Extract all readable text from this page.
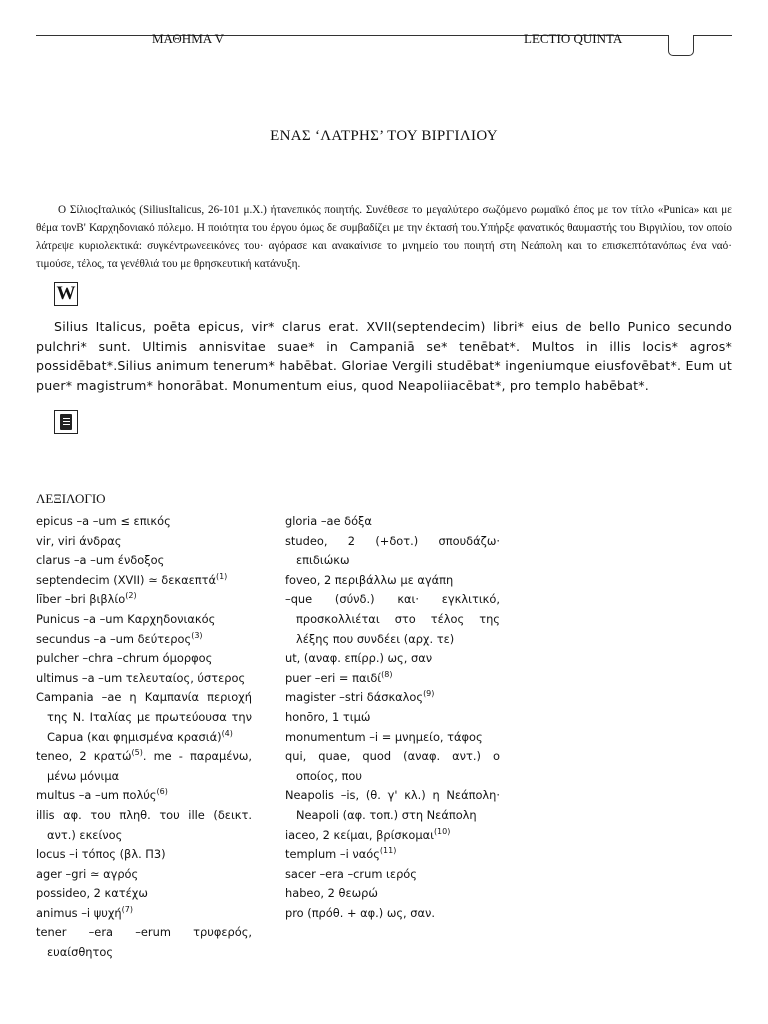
ΜΑΘΗΜΑ V	LECTIO QUINTA
ΕΝΑΣ ‘ΛΑΤΡΗΣ’ ΤΟΥ ΒΙΡΓΙΛΙΟΥ

Ο ΣίλιοςΙταλικός (SiliusItalicus, 26-101 μ.Χ.) ήτανεπικός ποιητής. Συνέθεσε το μεγαλύτερο σωζόμενο ρωμαϊκό έπος με τον τίτλο «Punica» και με θέμα τονΒ' Καρχηδονιακό πόλεμο. Η ποιότητα του έργου όμως δε συμβαδίζει με την έκτασή του.Υπήρξε φανατικός θαυμαστής του Βιργιλίου, τον οποίο λάτρεψε κυριολεκτικά: συγκέντρωνεεικόνες του· αγόρασε και ανακαίνισε το μνημείο του ποιητή στη Νεάπολη και το επισκεπτότανόπως ένα ναό· τιμούσε, τέλος, τα γενέθλιά του με θρησκευτική κατάνυξη.

W

Silius Italicus, poēta epicus, vir* clarus erat. XVII(septendecim) libri* eius de bello Punico secundo pulchri* sunt. Ultimis annisvitae suae* in Campaniā se* tenēbat*. Multos in illis locis* agros* possidēbat*.Silius animum tenerum* habēbat. Gloriae Vergili studēbat* ingeniumque eiusfovēbat*. Eum ut puer* magistrum* honorābat. Monumentum eius, quod Neapoliiacēbat*, pro templo habēbat*.

ΛΕΞΙΛΟΓΙΟ

epicus –a –um ≤ επικός

vir, viri άνδρας

clarus –a –um ένδοξος

septendecim (XVII) ≃ δεκαεπτά$^{(1)}$

līber –bri βιβλίο$^{(2)}$

Punicus –a –um Καρχηδονιακός

secundus –a –um δεύτερος$^{(3)}$

pulcher –chra –chrum όμορφος

ultimus –a –um τελευταίος, ύστερος

Campania –ae η Καμπανία περιοχή της Ν. Ιταλίας με πρωτεύουσα την Capua (και φημισμένα κρασιά)$^{(4)}$

teneo, 2 κρατώ$^{(5)}$. me - παραμένω, μένω μόνιμα

multus –a –um πολύς$^{(6)}$

illis αφ. του πληθ. του ille (δεικτ. αντ.) εκείνος

locus –i τόπος (βλ. Π3)

ager –gri ≃ αγρός

possideo, 2 κατέχω

animus –i ψυχή$^{(7)}$

tener –era –erum τρυφερός, ευαίσθητος

gloria –ae δόξα

studeo, 2 (+δοτ.) σπουδάζω· επιδιώκω

foveo, 2 περιβάλλω με αγάπη

–que (σύνδ.) και· εγκλιτικό, προσκολλιέται στο τέλος της λέξης που συνδέει (αρχ. τε)

ut, (αναφ. επίρρ.) ως, σαν

puer –eri = παιδί$^{(8)}$

magister –stri δάσκαλος$^{(9)}$

honōro, 1 τιμώ

monumentum –i = μνημείο, τάφος

qui, quae, quod (αναφ. αντ.) ο οποίος, που

Neapolis –is, (θ. γ' κλ.) η Νεάπολη· Neapoli (αφ. τοπ.) στη Νεάπολη

iaceo, 2 κείμαι, βρίσκομαι$^{(10)}$

templum –i ναός$^{(11)}$

sacer –era –crum ιερός

habeo, 2 θεωρώ

pro (πρόθ. + αφ.) ως, σαν.
